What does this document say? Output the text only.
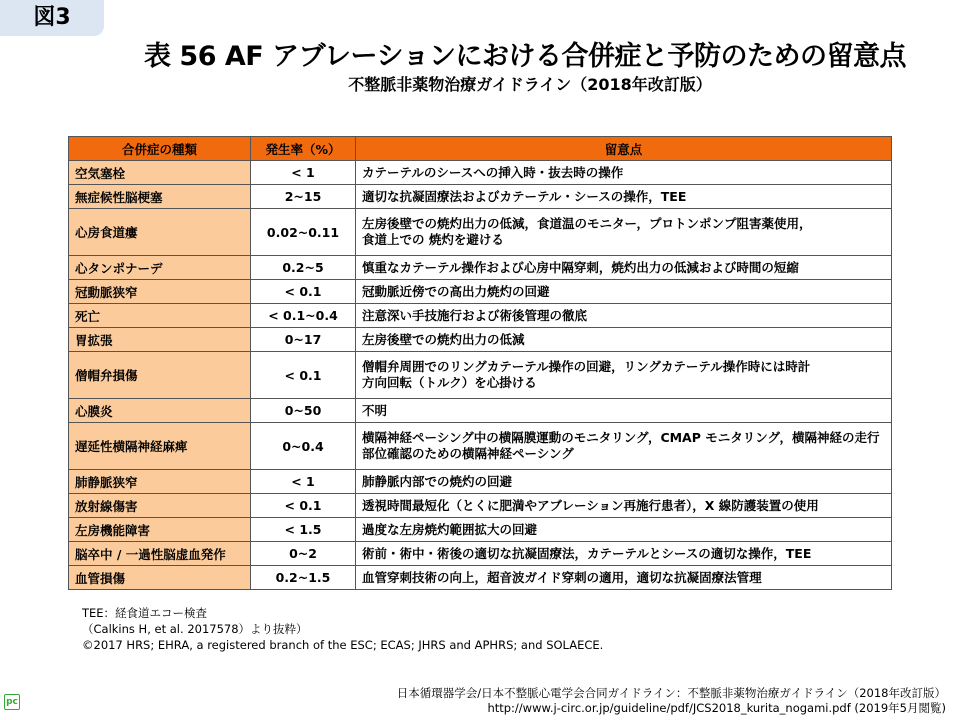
図3
表 56 AF アブレーションにおける合併症と予防のための留意点
不整脈非薬物治療ガイドライン（2018年改訂版）
合併症の種類	発生率（%）	留意点
空気塞栓	< 1	カテーテルのシースへの挿入時・抜去時の操作
無症候性脳梗塞	2~15	適切な抗凝固療法およびカテーテル・シースの操作，TEE
心房食道瘻	0.02~0.11	左房後壁での焼灼出力の低減，食道温のモニター，プロトンポンプ阻害薬使用，
食道上での 焼灼を避ける
心タンポナーデ	0.2~5	慎重なカテーテル操作および心房中隔穿刺，焼灼出力の低減および時間の短縮
冠動脈狭窄	< 0.1	冠動脈近傍での高出力焼灼の回避
死亡	< 0.1~0.4	注意深い手技施行および術後管理の徹底
胃拡張	0~17	左房後壁での焼灼出力の低減
僧帽弁損傷	< 0.1	僧帽弁周囲でのリングカテーテル操作の回避，リングカテーテル操作時には時計
方向回転（トルク）を心掛ける
心膜炎	0~50	不明
遅延性横隔神経麻痺	0~0.4	横隔神経ペーシング中の横隔膜運動のモニタリング，CMAP モニタリング，横隔神経の走行
部位確認のための横隔神経ペーシング
肺静脈狭窄	< 1	肺静脈内部での焼灼の回避
放射線傷害	< 0.1	透視時間最短化（とくに肥満やアブレーション再施行患者），X 線防護装置の使用
左房機能障害	< 1.5	過度な左房焼灼範囲拡大の回避
脳卒中 / 一過性脳虚血発作	0~2	術前・術中・術後の適切な抗凝固療法，カテーテルとシースの適切な操作，TEE
血管損傷	0.2~1.5	血管穿刺技術の向上，超音波ガイド穿刺の適用，適切な抗凝固療法管理
TEE：経食道エコー検査
（Calkins H, et al. 2017578）より抜粋）
©2017 HRS; EHRA, a registered branch of the ESC; ECAS; JHRS and APHRS; and SOLAECE.
pc
日本循環器学会/日本不整脈心電学会合同ガイドライン：不整脈非薬物治療ガイドライン（2018年改訂版）
http://www.j-circ.or.jp/guideline/pdf/JCS2018_kurita_nogami.pdf (2019年5月閲覧)
